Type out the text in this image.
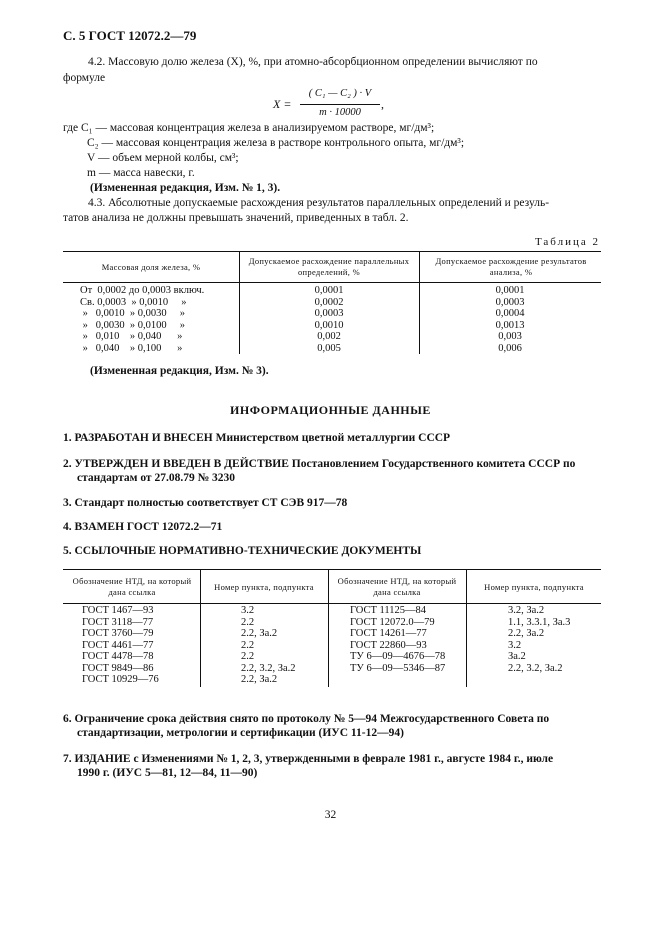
С. 5 ГОСТ 12072.2—79
4.2. Массовую долю железа (X), %, при атомно-абсорбционном определении вычисляют по
формуле
X =
( C₁ — C₂ ) · V
m · 10000
,
где C₁ — массовая концентрация железа в анализируемом растворе, мг/дм³;
C₂ — массовая концентрация железа в растворе контрольного опыта, мг/дм³;
V — объем мерной колбы, см³;
m — масса навески, г.
(Измененная редакция, Изм. № 1, 3).
4.3. Абсолютные допускаемые расхождения результатов параллельных определений и резуль-
татов анализа не должны превышать значений, приведенных в табл. 2.
Таблица 2
Массовая доля железа, %
Допускаемое расхождение параллельных определений, %
Допускаемое расхождение результатов анализа, %
От  0,0002 до 0,0003 включ.
Св. 0,0003  » 0,0010     »
»   0,0010  » 0,0030     »
»   0,0030  » 0,0100     »
»   0,010    » 0,040      »
»   0,040    » 0,100      »
0,0001
0,0002
0,0003
0,0010
0,002
0,005
0,0001
0,0003
0,0004
0,0013
0,003
0,006
(Измененная редакция, Изм. № 3).
ИНФОРМАЦИОННЫЕ ДАННЫЕ
1. РАЗРАБОТАН И ВНЕСЕН Министерством цветной металлургии СССР
2. УТВЕРЖДЕН И ВВЕДЕН В ДЕЙСТВИЕ Постановлением Государственного комитета СССР по
стандартам от 27.08.79 № 3230
3. Стандарт полностью соответствует СТ СЭВ 917—78
4. ВЗАМЕН ГОСТ 12072.2—71
5. ССЫЛОЧНЫЕ НОРМАТИВНО-ТЕХНИЧЕСКИЕ ДОКУМЕНТЫ
Обозначение НТД, на который дана ссылка	Номер пункта, подпункта
Обозначение НТД, на который дана ссылка	Номер пункта, подпункта
ГОСТ 1467—93
ГОСТ 3118—77
ГОСТ 3760—79
ГОСТ 4461—77
ГОСТ 4478—78
ГОСТ 9849—86
ГОСТ 10929—76
3.2
2.2
2.2, За.2
2.2
2.2
2.2, 3.2, За.2
2.2, За.2
ГОСТ 11125—84
ГОСТ 12072.0—79
ГОСТ 14261—77
ГОСТ 22860—93
ТУ 6—09—4676—78
ТУ 6—09—5346—87
3.2, За.2
1.1, 3.3.1, За.3
2.2, За.2
3.2
За.2
2.2, 3.2, За.2
6. Ограничение срока действия снято по протоколу № 5—94 Межгосударственного Совета по
стандартизации, метрологии и сертификации (ИУС 11-12—94)
7. ИЗДАНИЕ с Изменениями № 1, 2, 3, утвержденными в феврале 1981 г., августе 1984 г., июле
1990 г. (ИУС 5—81, 12—84, 11—90)
32
